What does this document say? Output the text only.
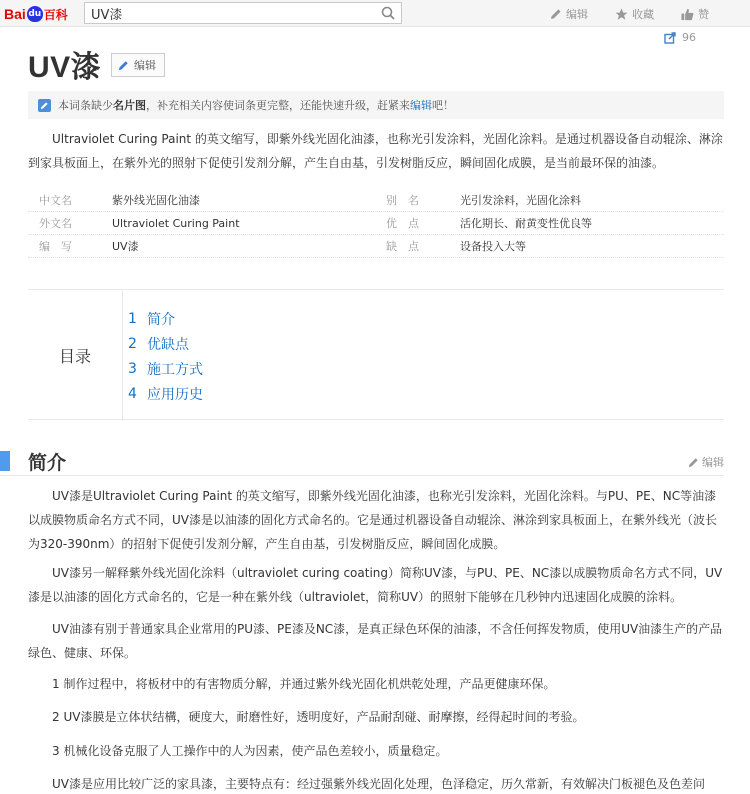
Bai du 百科
UV漆	编辑	收藏	赞
96
UV漆	编辑
本词条缺少 名片图 ，补充相关内容使词条更完整，还能快速升级，赶紧来 编辑 吧！

Ultraviolet Curing Paint 的英文缩写，即紫外线光固化油漆，也称光引发涂料，光固化涂料。是通过机器设备自动辊涂、淋涂到家具板面上，在紫外光的照射下促使引发剂分解，产生自由基，引发树脂反应，瞬间固化成膜，是当前最环保的油漆。

中文名	紫外线光固化油漆	别　名	光引发涂料，光固化涂料
外文名	Ultraviolet Curing Paint	优　点	活化期长、耐黄变性优良等
编　写	UV漆	缺　点	设备投入大等
目录
1 简介
2 优缺点
3 施工方式
4 应用历史
简介	编辑

UV漆是Ultraviolet Curing Paint 的英文缩写，即紫外线光固化油漆，也称光引发涂料，光固化涂料。与PU、PE、NC等油漆以成膜物质命名方式不同，UV漆是以油漆的固化方式命名的。它是通过机器设备自动辊涂、淋涂到家具板面上，在紫外线光（波长为320-390nm）的招射下促使引发剂分解，产生自由基，引发树脂反应，瞬间固化成膜。

UV漆另一解释紫外线光固化涂料（ultraviolet curing coating）简称UV漆，与PU、PE、NC漆以成膜物质命名方式不同，UV漆是以油漆的固化方式命名的，它是一种在紫外线（ultraviolet，简称UV）的照射下能够在几秒钟内迅速固化成膜的涂料。

UV油漆有别于普通家具企业常用的PU漆、PE漆及NC漆，是真正绿色环保的油漆，不含任何挥发物质，使用UV油漆生产的产品绿色、健康、环保。

1 制作过程中，将板材中的有害物质分解，并通过紫外线光固化机烘乾处理，产品更健康环保。

2 UV漆膜是立体状结構，硬度大，耐磨性好，透明度好，产品耐刮碰、耐摩擦，经得起时间的考验。

3 机械化设备克服了人工操作中的人为因素，使产品色差较小，质量稳定。

UV漆是应用比较广泛的家具漆，主要特点有：经过强紫外线光固化处理，色泽稳定，历久常新，有效解决门板褪色及色差问
